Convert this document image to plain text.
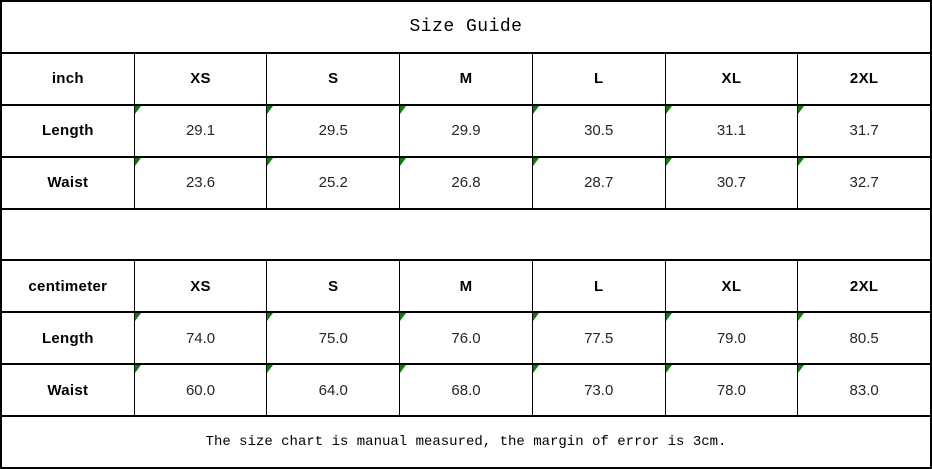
Size Guide
inch	XS	S	M	L	XL	2XL
Length	29.1	29.5	29.9	30.5	31.1	31.7
Waist	23.6	25.2	26.8	28.7	30.7	32.7
centimeter	XS	S	M	L	XL	2XL
Length	74.0	75.0	76.0	77.5	79.0	80.5
Waist	60.0	64.0	68.0	73.0	78.0	83.0
The size chart is manual measured, the margin of error is 3cm.
